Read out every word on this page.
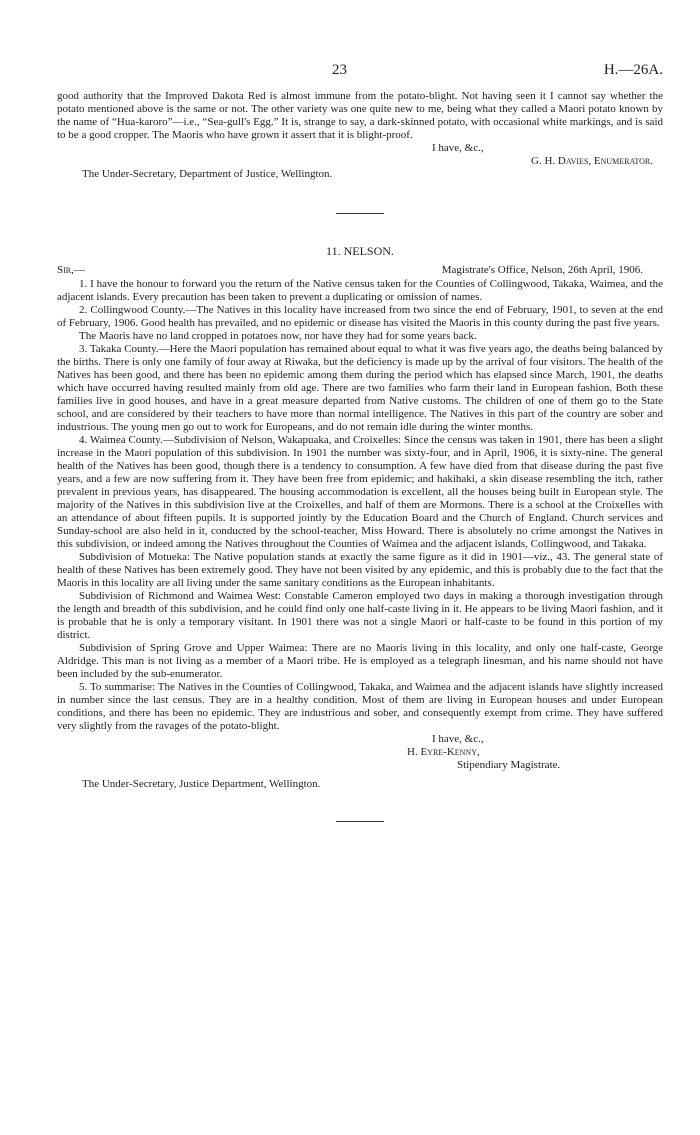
23	H.—26A.

good authority that the Improved Dakota Red is almost immune from the potato-blight. Not having seen it I cannot say whether the potato mentioned above is the same or not. The other variety was one quite new to me, being what they called a Maori potato known by the name of “Hua-karoro”—i.e., “Sea-gull's Egg.” It is, strange to say, a dark-skinned potato, with occasional white markings, and is said to be a good cropper. The Maoris who have grown it assert that it is blight-proof.

I have, &c.,

G. H. Davies, Enumerator.

The Under-Secretary, Department of Justice, Wellington.

11. NELSON.

Sir,—	Magistrate's Office, Nelson, 26th April, 1906.

1. I have the honour to forward you the return of the Native census taken for the Counties of Collingwood, Takaka, Waimea, and the adjacent islands. Every precaution has been taken to prevent a duplicating or omission of names.

2. Collingwood County.—The Natives in this locality have increased from two since the end of February, 1901, to seven at the end of February, 1906. Good health has prevailed, and no epidemic or disease has visited the Maoris in this county during the past five years.

The Maoris have no land cropped in potatoes now, nor have they had for some years back.

3. Takaka County.—Here the Maori population has remained about equal to what it was five years ago, the deaths being balanced by the births. There is only one family of four away at Riwaka, but the deficiency is made up by the arrival of four visitors. The health of the Natives has been good, and there has been no epidemic among them during the period which has elapsed since March, 1901, the deaths which have occurred having resulted mainly from old age. There are two families who farm their land in European fashion. Both these families live in good houses, and have in a great measure departed from Native customs. The children of one of them go to the State school, and are considered by their teachers to have more than normal intelligence. The Natives in this part of the country are sober and industrious. The young men go out to work for Europeans, and do not remain idle during the winter months.

4. Waimea County.—Subdivision of Nelson, Wakapuaka, and Croixelles: Since the census was taken in 1901, there has been a slight increase in the Maori population of this subdivision. In 1901 the number was sixty-four, and in April, 1906, it is sixty-nine. The general health of the Natives has been good, though there is a tendency to consumption. A few have died from that disease during the past five years, and a few are now suffering from it. They have been free from epidemic; and hakihaki, a skin disease resembling the itch, rather prevalent in previous years, has disappeared. The housing accommodation is excellent, all the houses being built in European style. The majority of the Natives in this subdivision live at the Croixelles, and half of them are Mormons. There is a school at the Croixelles with an attendance of about fifteen pupils. It is supported jointly by the Education Board and the Church of England. Church services and Sunday-school are also held in it, conducted by the school-teacher, Miss Howard. There is absolutely no crime amongst the Natives in this subdivision, or indeed among the Natives throughout the Counties of Waimea and the adjacent islands, Collingwood, and Takaka.

Subdivision of Motueka: The Native population stands at exactly the same figure as it did in 1901—viz., 43. The general state of health of these Natives has been extremely good. They have not been visited by any epidemic, and this is probably due to the fact that the Maoris in this locality are all living under the same sanitary conditions as the European inhabitants.

Subdivision of Richmond and Waimea West: Constable Cameron employed two days in making a thorough investigation through the length and breadth of this subdivision, and he could find only one half-caste living in it. He appears to be living Maori fashion, and it is probable that he is only a temporary visitant. In 1901 there was not a single Maori or half-caste to be found in this portion of my district.

Subdivision of Spring Grove and Upper Waimea: There are no Maoris living in this locality, and only one half-caste, George Aldridge. This man is not living as a member of a Maori tribe. He is employed as a telegraph linesman, and his name should not have been included by the sub-enumerator.

5. To summarise: The Natives in the Counties of Collingwood, Takaka, and Waimea and the adjacent islands have slightly increased in number since the last census. They are in a healthy condition. Most of them are living in European houses and under European conditions, and there has been no epidemic. They are industrious and sober, and consequently exempt from crime. They have suffered very slightly from the ravages of the potato-blight.

I have, &c.,

H. Eyre-Kenny,

Stipendiary Magistrate.

The Under-Secretary, Justice Department, Wellington.
